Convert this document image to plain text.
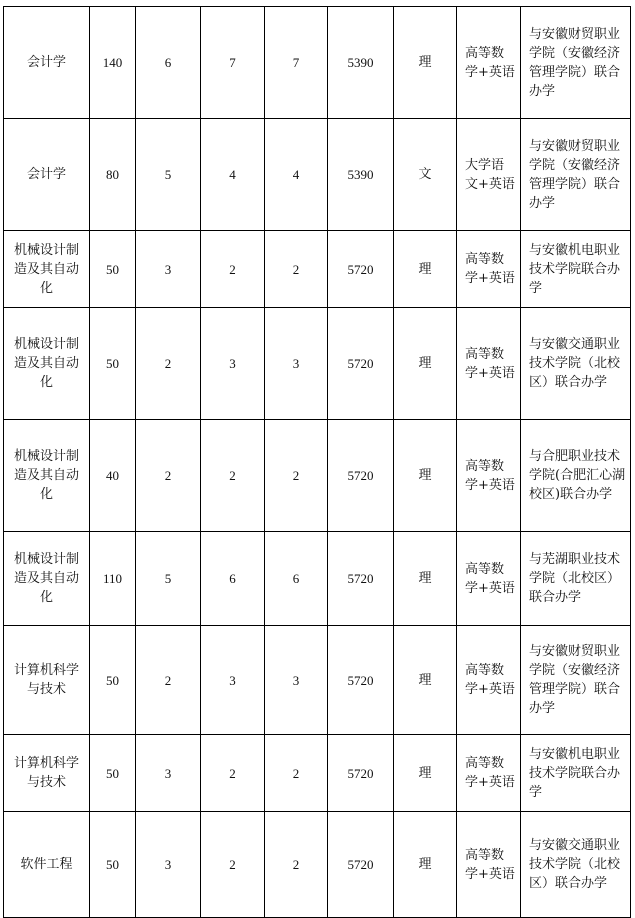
会计学	140	6	7	7	5390	理	高等数学+英语	与安徽财贸职业学院（安徽经济管理学院）联合办学
会计学	80	5	4	4	5390	文	大学语文+英语	与安徽财贸职业学院（安徽经济管理学院）联合办学
机械设计制造及其自动化	50	3	2	2	5720	理	高等数学+英语	与安徽机电职业技术学院联合办学
机械设计制造及其自动化	50	2	3	3	5720	理	高等数学+英语	与安徽交通职业技术学院（北校区）联合办学
机械设计制造及其自动化	40	2	2	2	5720	理	高等数学+英语	与合肥职业技术学院(合肥汇心湖校区)联合办学
机械设计制造及其自动化	110	5	6	6	5720	理	高等数学+英语	与芜湖职业技术学院（北校区）联合办学
计算机科学与技术	50	2	3	3	5720	理	高等数学+英语	与安徽财贸职业学院（安徽经济管理学院）联合办学
计算机科学与技术	50	3	2	2	5720	理	高等数学+英语	与安徽机电职业技术学院联合办学
软件工程	50	3	2	2	5720	理	高等数学+英语	与安徽交通职业技术学院（北校区）联合办学
